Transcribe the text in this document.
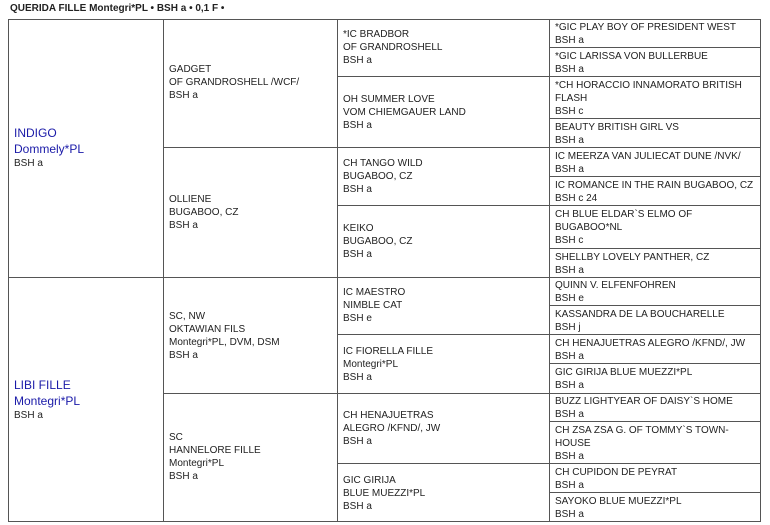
QUERIDA FILLE Montegri*PL • BSH a • 0,1 F •
INDIGO
Dommely*PL
BSH a
LIBI FILLE
Montegri*PL
BSH a
GADGET
OF GRANDROSHELL /WCF/
BSH a
OLLIENE
BUGABOO, CZ
BSH a
SC, NW
OKTAWIAN FILS
Montegri*PL, DVM, DSM
BSH a
SC
HANNELORE FILLE
Montegri*PL
BSH a
*IC BRADBOR
OF GRANDROSHELL
BSH a
OH SUMMER LOVE
VOM CHIEMGAUER LAND
BSH a
CH TANGO WILD
BUGABOO, CZ
BSH a
KEIKO
BUGABOO, CZ
BSH a
IC MAESTRO
NIMBLE CAT
BSH e
IC FIORELLA FILLE
Montegri*PL
BSH a
CH HENAJUETRAS
ALEGRO /KFND/, JW
BSH a
GIC GIRIJA
BLUE MUEZZI*PL
BSH a
*GIC PLAY BOY OF PRESIDENT WEST
BSH a
*GIC LARISSA VON BULLERBUE
BSH a
*CH HORACCIO INNAMORATO BRITISH
FLASH
BSH c
BEAUTY BRITISH GIRL VS
BSH a
IC MEERZA VAN JULIECAT DUNE /NVK/
BSH a
IC ROMANCE IN THE RAIN BUGABOO, CZ
BSH c 24
CH BLUE ELDAR`S ELMO OF
BUGABOO*NL
BSH c
SHELLBY LOVELY PANTHER, CZ
BSH a
QUINN V. ELFENFOHREN
BSH e
KASSANDRA DE LA BOUCHARELLE
BSH j
CH HENAJUETRAS ALEGRO /KFND/, JW
BSH a
GIC GIRIJA BLUE MUEZZI*PL
BSH a
BUZZ LIGHTYEAR OF DAISY`S HOME
BSH a
CH ZSA ZSA G. OF TOMMY`S TOWN-
HOUSE
BSH a
CH CUPIDON DE PEYRAT
BSH a
SAYOKO BLUE MUEZZI*PL
BSH a
